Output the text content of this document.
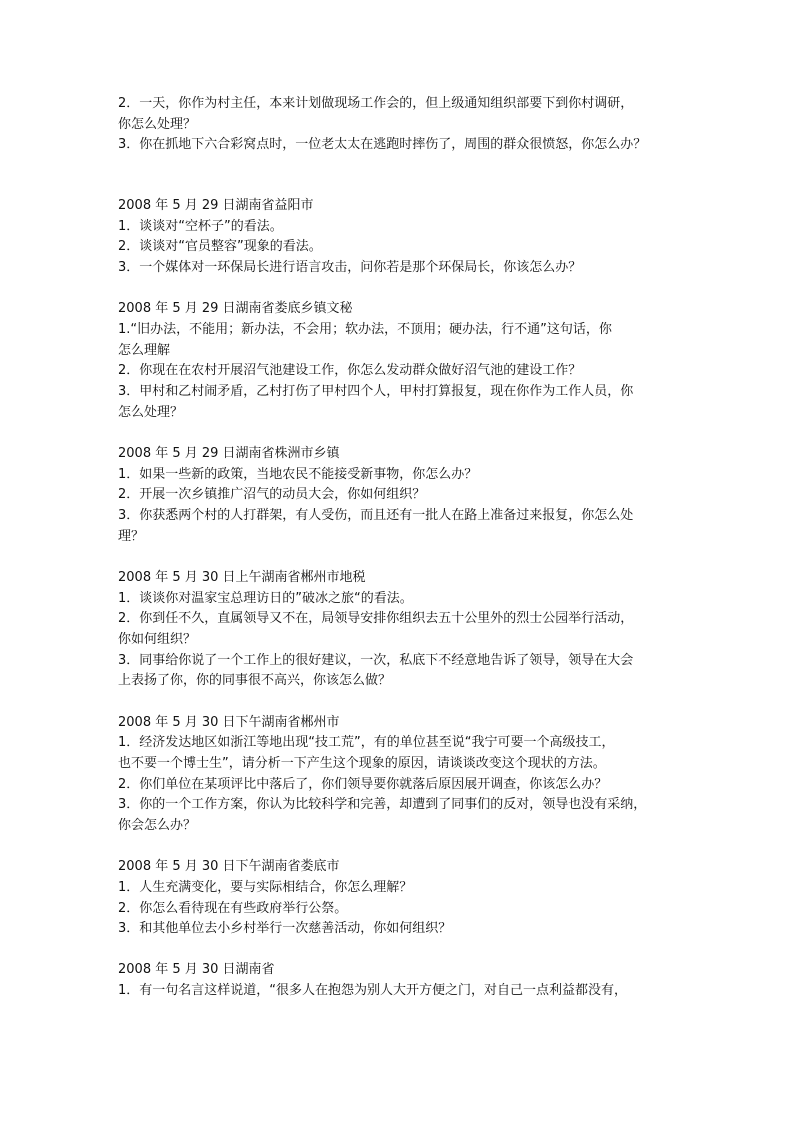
2．一天，你作为村主任，本来计划做现场工作会的，但上级通知组织部要下到你村调研，
你怎么处理？
3．你在抓地下六合彩窝点时，一位老太太在逃跑时摔伤了，周围的群众很愤怒，你怎么办？
2008 年 5 月 29 日湖南省益阳市
1．谈谈对“空杯子”的看法。
2．谈谈对“官员整容”现象的看法。
3．一个媒体对一环保局长进行语言攻击，问你若是那个环保局长，你该怎么办？
2008 年 5 月 29 日湖南省娄底乡镇文秘
1.“旧办法，不能用；新办法，不会用；软办法，不顶用；硬办法，行不通”这句话，你
怎么理解
2．你现在在农村开展沼气池建设工作，你怎么发动群众做好沼气池的建设工作？
3．甲村和乙村闹矛盾，乙村打伤了甲村四个人，甲村打算报复，现在你作为工作人员，你
怎么处理？
2008 年 5 月 29 日湖南省株洲市乡镇
1．如果一些新的政策，当地农民不能接受新事物，你怎么办？
2．开展一次乡镇推广沼气的动员大会，你如何组织？
3．你获悉两个村的人打群架，有人受伤，而且还有一批人在路上准备过来报复，你怎么处
理？
2008 年 5 月 30 日上午湖南省郴州市地税
1．谈谈你对温家宝总理访日的”破冰之旅“的看法。
2．你到任不久，直属领导又不在，局领导安排你组织去五十公里外的烈士公园举行活动，
你如何组织？
3．同事给你说了一个工作上的很好建议，一次，私底下不经意地告诉了领导，领导在大会
上表扬了你，你的同事很不高兴，你该怎么做？
2008 年 5 月 30 日下午湖南省郴州市
1．经济发达地区如浙江等地出现“技工荒”，有的单位甚至说“我宁可要一个高级技工，
也不要一个博士生”，请分析一下产生这个现象的原因，请谈谈改变这个现状的方法。
2．你们单位在某项评比中落后了，你们领导要你就落后原因展开调查，你该怎么办？
3．你的一个工作方案，你认为比较科学和完善，却遭到了同事们的反对，领导也没有采纳，
你会怎么办？
2008 年 5 月 30 日下午湖南省娄底市
1．人生充满变化，要与实际相结合，你怎么理解？
2．你怎么看待现在有些政府举行公祭。
3．和其他单位去小乡村举行一次慈善活动，你如何组织？
2008 年 5 月 30 日湖南省
1．有一句名言这样说道，“很多人在抱怨为别人大开方便之门，对自己一点利益都没有，
